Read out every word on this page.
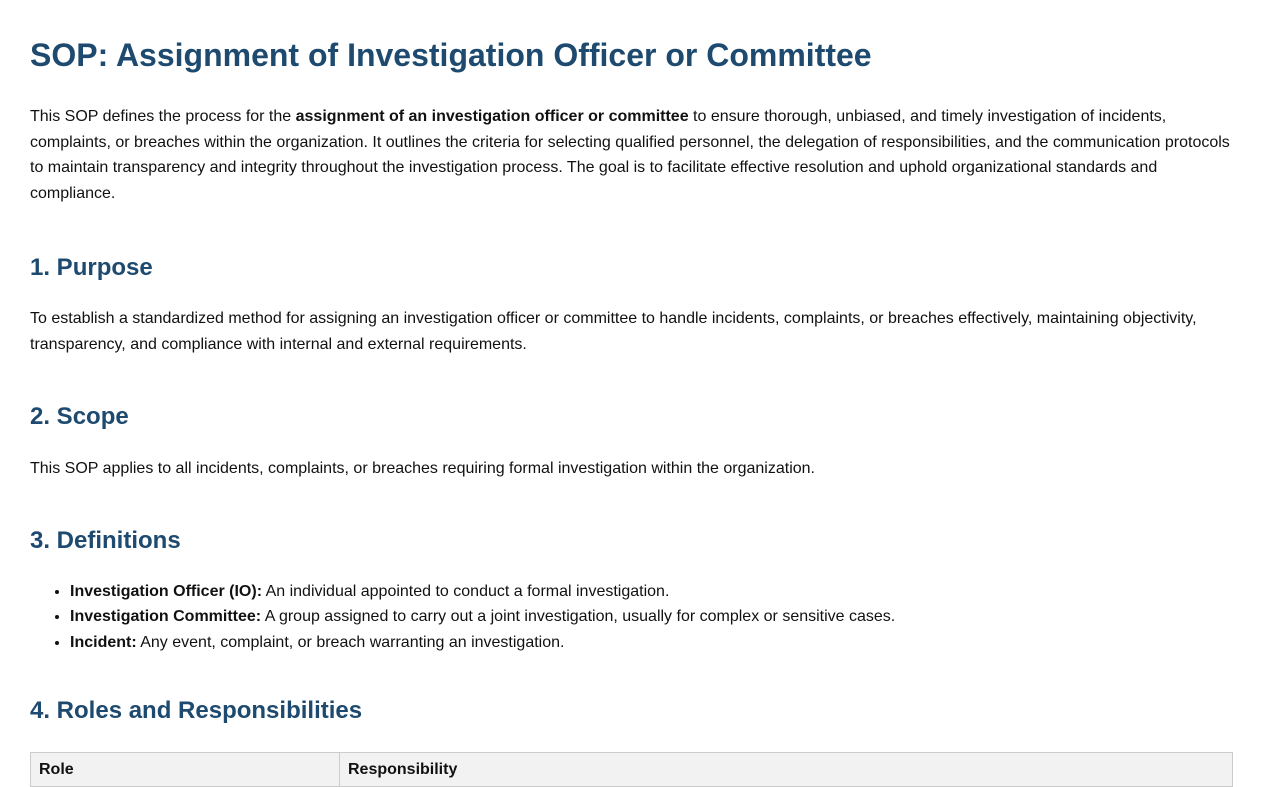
SOP: Assignment of Investigation Officer or Committee

This SOP defines the process for the assignment of an investigation officer or committee to ensure thorough, unbiased, and timely investigation of incidents, complaints, or breaches within the organization. It outlines the criteria for selecting qualified personnel, the delegation of responsibilities, and the communication protocols to maintain transparency and integrity throughout the investigation process. The goal is to facilitate effective resolution and uphold organizational standards and compliance.

1. Purpose

To establish a standardized method for assigning an investigation officer or committee to handle incidents, complaints, or breaches effectively, maintaining objectivity, transparency, and compliance with internal and external requirements.

2. Scope

This SOP applies to all incidents, complaints, or breaches requiring formal investigation within the organization.

3. Definitions
• Investigation Officer (IO): An individual appointed to conduct a formal investigation.
• Investigation Committee: A group assigned to carry out a joint investigation, usually for complex or sensitive cases.
• Incident: Any event, complaint, or breach warranting an investigation.
4. Roles and Responsibilities
Role	Responsibility
